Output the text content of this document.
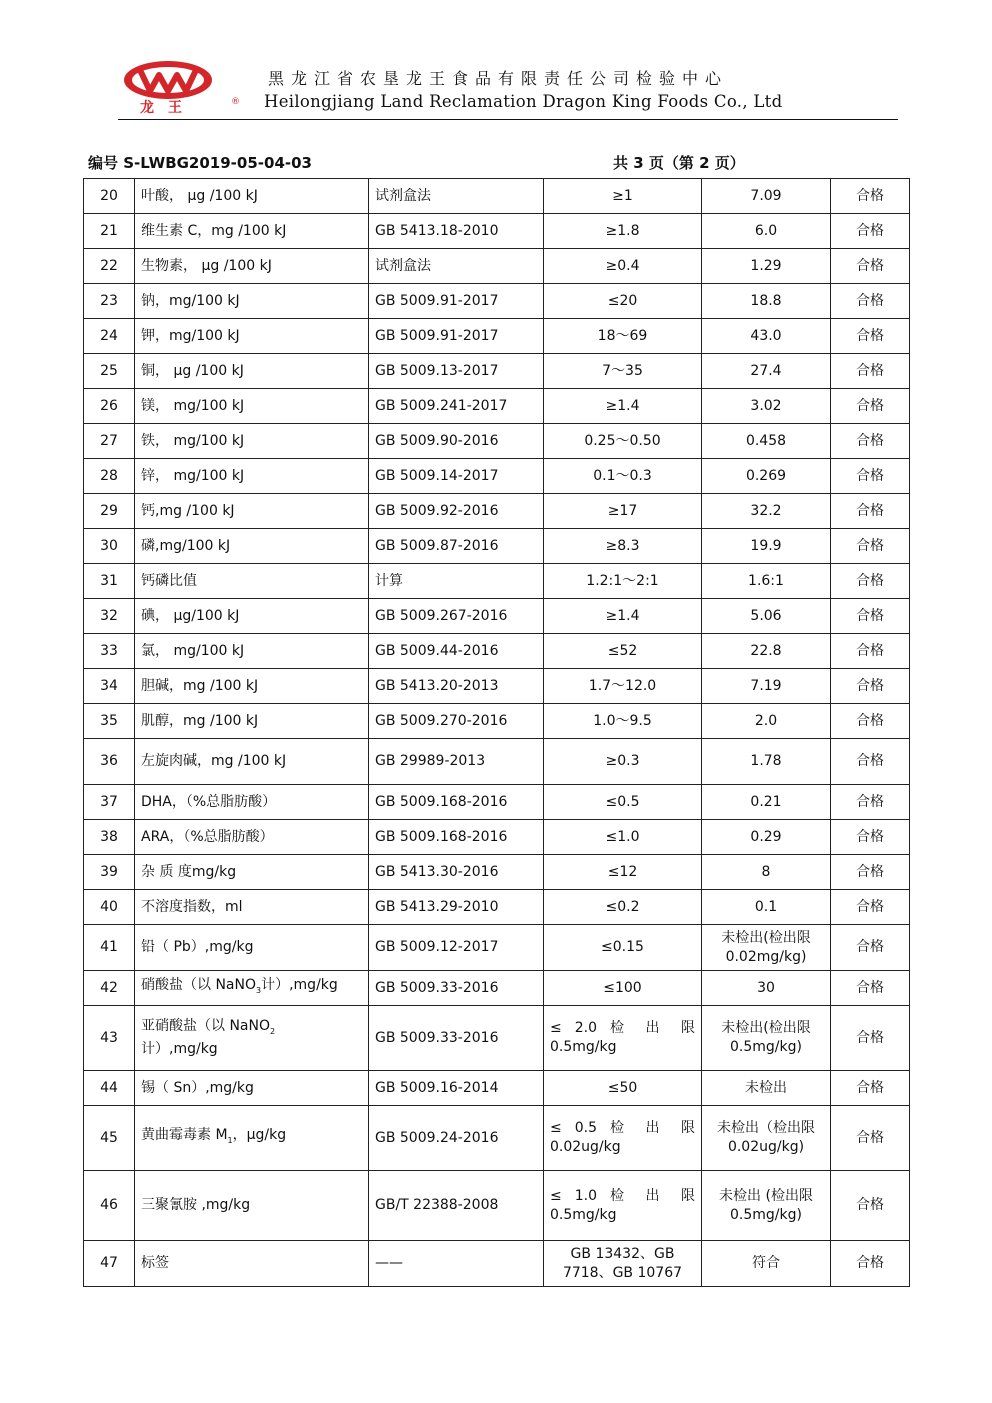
龙王	®
黑龙江省农垦龙王食品有限责任公司检验中心
Heilongjiang Land Reclamation Dragon King Foods Co., Ltd
编号 S-LWBG2019-05-04-03	共 3 页（第 2 页）
20	叶酸， μg /100 kJ	试剂盒法	≥1	7.09	合格
21	维生素 C，mg /100 kJ	GB 5413.18-2010	≥1.8	6.0	合格
22	生物素， μg /100 kJ	试剂盒法	≥0.4	1.29	合格
23	钠，mg/100 kJ	GB 5009.91-2017	≤20	18.8	合格
24	钾，mg/100 kJ	GB 5009.91-2017	18～69	43.0	合格
25	铜， μg /100 kJ	GB 5009.13-2017	7～35	27.4	合格
26	镁， mg/100 kJ	GB 5009.241-2017	≥1.4	3.02	合格
27	铁， mg/100 kJ	GB 5009.90-2016	0.25～0.50	0.458	合格
28	锌， mg/100 kJ	GB 5009.14-2017	0.1～0.3	0.269	合格
29	钙,mg /100 kJ	GB 5009.92-2016	≥17	32.2	合格
30	磷,mg/100 kJ	GB 5009.87-2016	≥8.3	19.9	合格
31	钙磷比值	计算	1.2:1～2:1	1.6:1	合格
32	碘， μg/100 kJ	GB 5009.267-2016	≥1.4	5.06	合格
33	氯， mg/100 kJ	GB 5009.44-2016	≤52	22.8	合格
34	胆碱，mg /100 kJ	GB 5413.20-2013	1.7～12.0	7.19	合格
35	肌醇，mg /100 kJ	GB 5009.270-2016	1.0～9.5	2.0	合格
36	左旋肉碱，mg /100 kJ	GB 29989-2013	≥0.3	1.78	合格
37	DHA，（%总脂肪酸）	GB 5009.168-2016	≤0.5	0.21	合格
38	ARA，（%总脂肪酸）	GB 5009.168-2016	≤1.0	0.29	合格
39	杂 质 度mg/kg	GB 5413.30-2016	≤12	8	合格
40	不溶度指数，ml	GB 5413.29-2010	≤0.2	0.1	合格
41	铅（ Pb）,mg/kg	GB 5009.12-2017	≤0.15	未检出(检出限0.02mg/kg)	合格
42	硝酸盐（以 NaNO$_3$计）,mg/kg	GB 5009.33-2016	≤100	30	合格
43	亚硝酸盐（以 NaNO$_2$
计）,mg/kg	GB 5009.33-2016	≤ 2.0 检 出 限 0.5mg/kg	未检出(检出限 0.5mg/kg)	合格
44	锡（ Sn）,mg/kg	GB 5009.16-2014	≤50	未检出	合格
45	黄曲霉毒素 $M_1$，μg/kg	GB 5009.24-2016	≤ 0.5 检 出 限 0.02ug/kg	未检出（检出限 0.02ug/kg)	合格
46	三聚氰胺 ,mg/kg	GB/T 22388-2008	≤ 1.0 检 出 限 0.5mg/kg	未检出 (检出限 0.5mg/kg)	合格
47	标签	——	GB 13432、GB 7718、GB 10767	符合	合格
